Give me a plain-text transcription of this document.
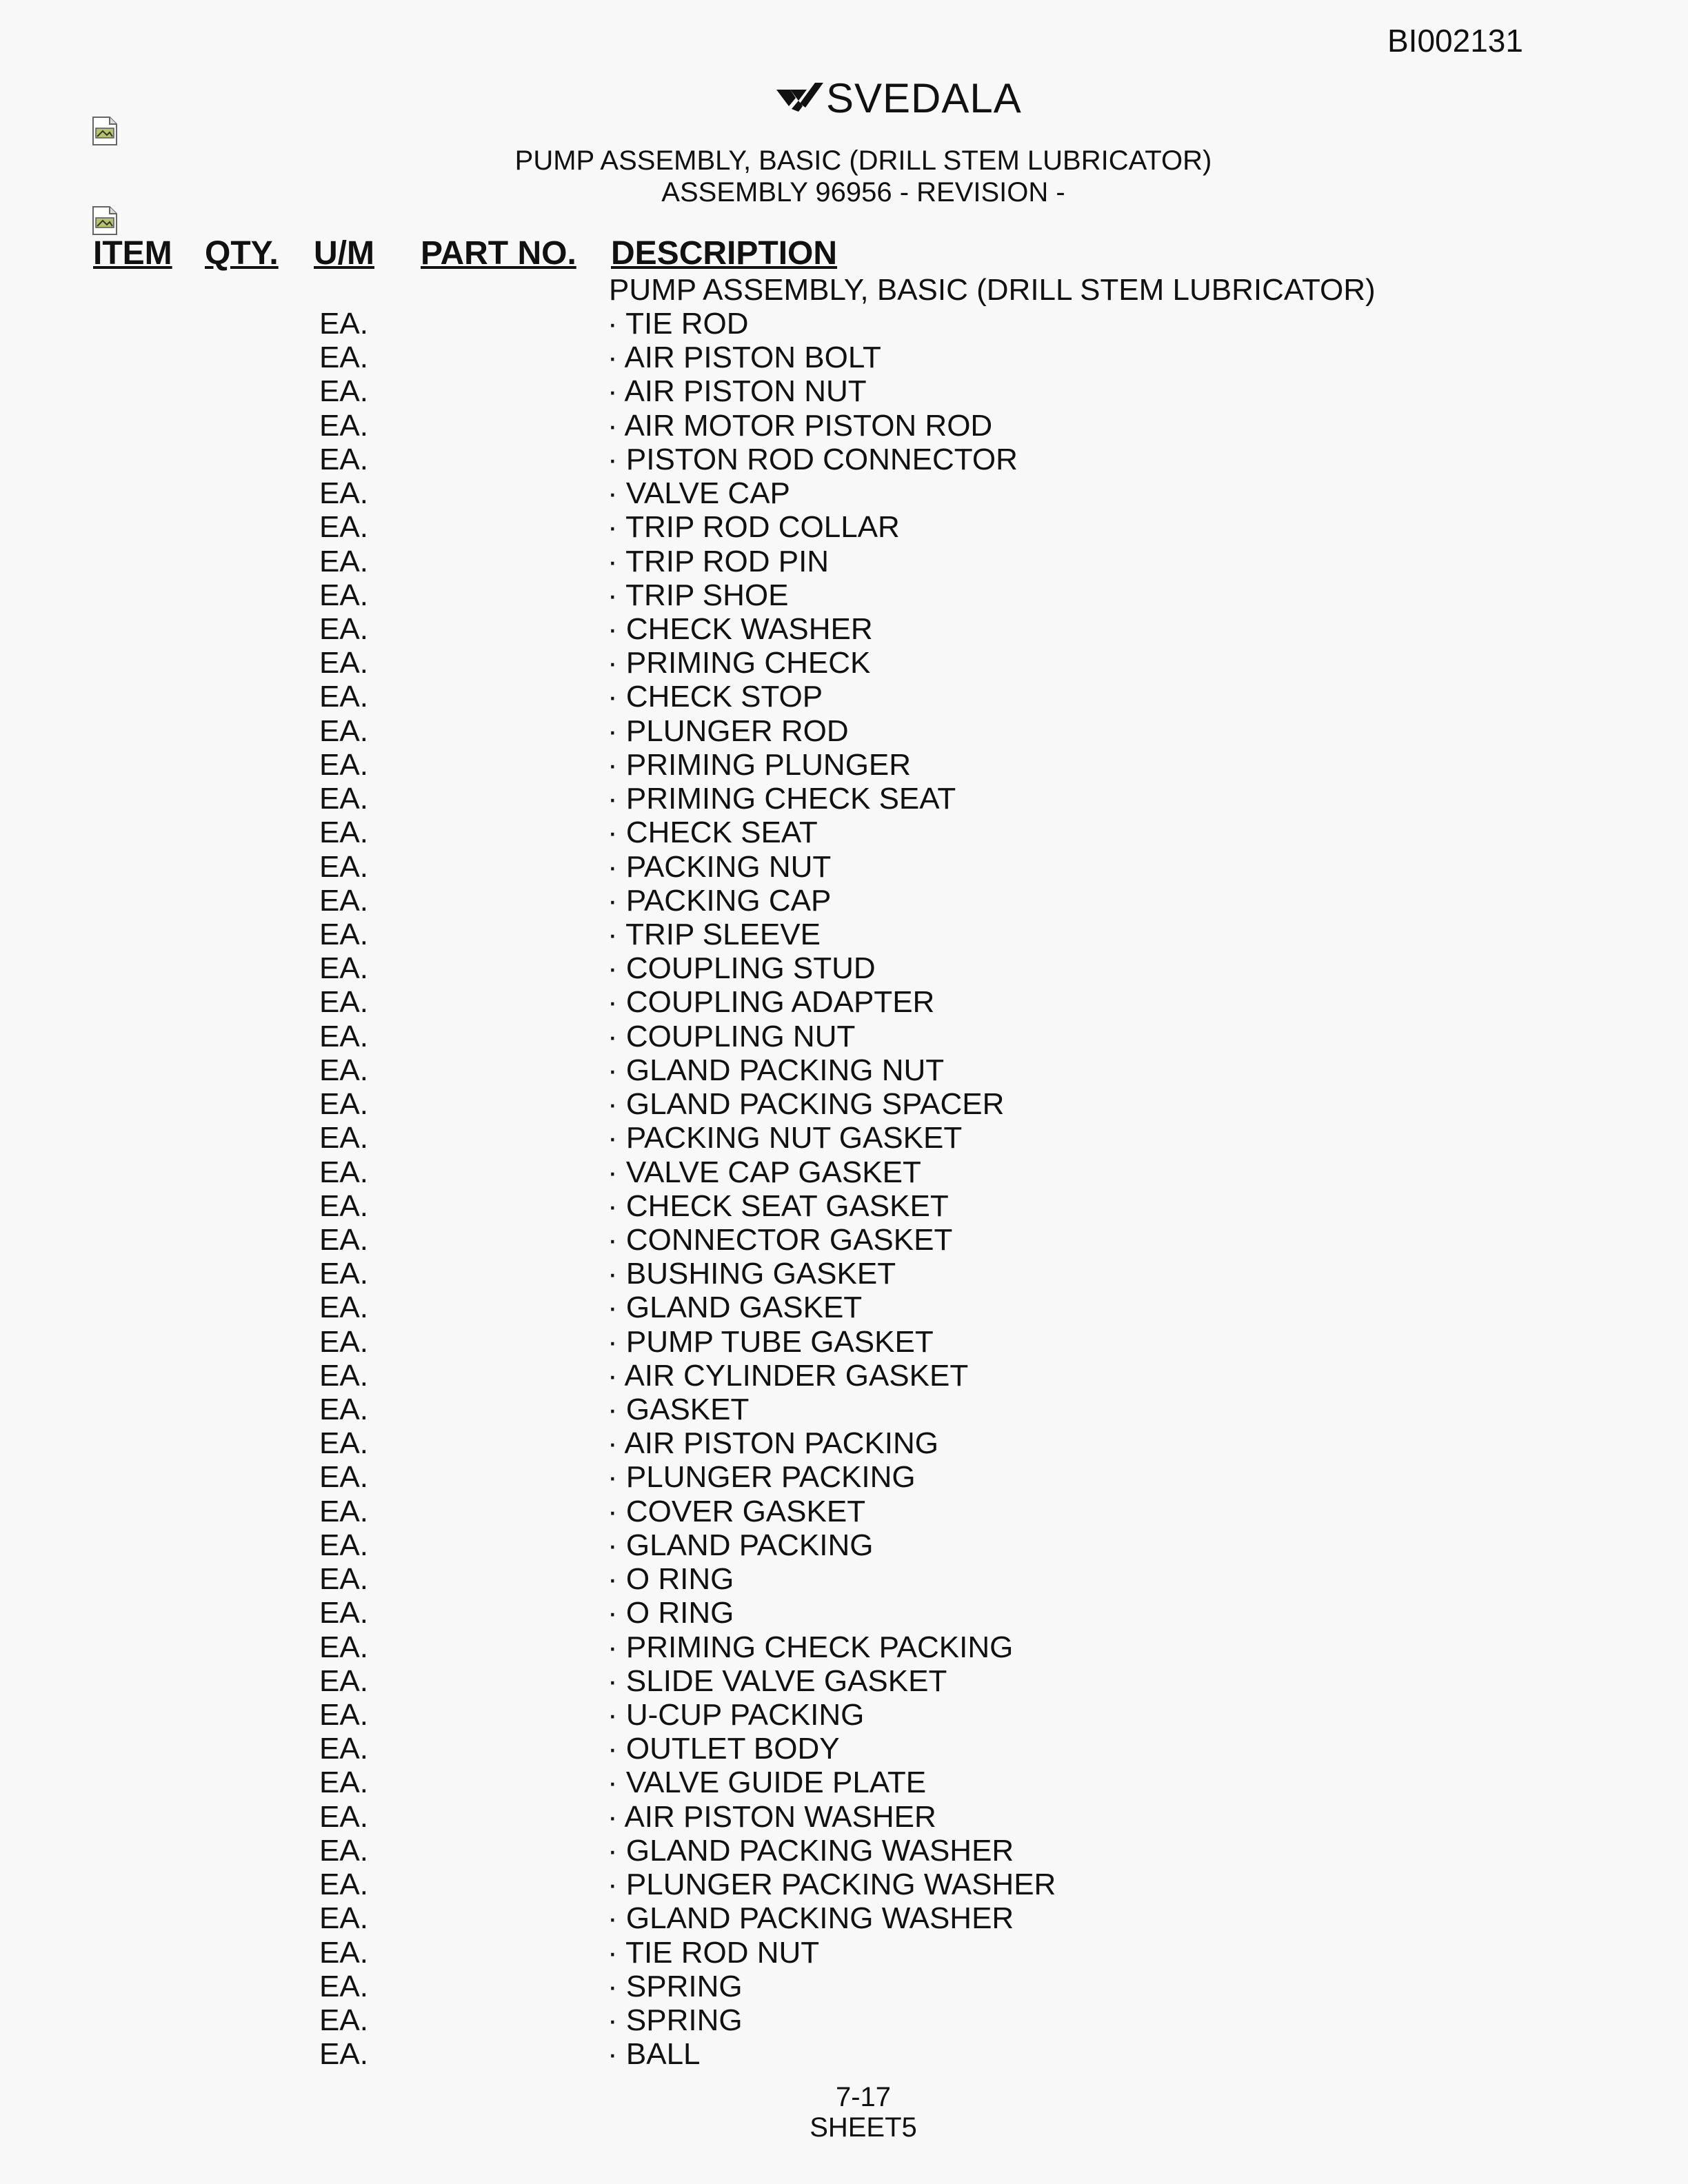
BI002131
SVEDALA
PUMP ASSEMBLY, BASIC (DRILL STEM LUBRICATOR)
ASSEMBLY 96956 - REVISION -
ITEM QTY. U/M PART NO. DESCRIPTION
PUMP ASSEMBLY, BASIC (DRILL STEM LUBRICATOR)
EA.	· TIE ROD
EA.	· AIR PISTON BOLT
EA.	· AIR PISTON NUT
EA.	· AIR MOTOR PISTON ROD
EA.	· PISTON ROD CONNECTOR
EA.	· VALVE CAP
EA.	· TRIP ROD COLLAR
EA.	· TRIP ROD PIN
EA.	· TRIP SHOE
EA.	· CHECK WASHER
EA.	· PRIMING CHECK
EA.	· CHECK STOP
EA.	· PLUNGER ROD
EA.	· PRIMING PLUNGER
EA.	· PRIMING CHECK SEAT
EA.	· CHECK SEAT
EA.	· PACKING NUT
EA.	· PACKING CAP
EA.	· TRIP SLEEVE
EA.	· COUPLING STUD
EA.	· COUPLING ADAPTER
EA.	· COUPLING NUT
EA.	· GLAND PACKING NUT
EA.	· GLAND PACKING SPACER
EA.	· PACKING NUT GASKET
EA.	· VALVE CAP GASKET
EA.	· CHECK SEAT GASKET
EA.	· CONNECTOR GASKET
EA.	· BUSHING GASKET
EA.	· GLAND GASKET
EA.	· PUMP TUBE GASKET
EA.	· AIR CYLINDER GASKET
EA.	· GASKET
EA.	· AIR PISTON PACKING
EA.	· PLUNGER PACKING
EA.	· COVER GASKET
EA.	· GLAND PACKING
EA.	· O RING
EA.	· O RING
EA.	· PRIMING CHECK PACKING
EA.	· SLIDE VALVE GASKET
EA.	· U-CUP PACKING
EA.	· OUTLET BODY
EA.	· VALVE GUIDE PLATE
EA.	· AIR PISTON WASHER
EA.	· GLAND PACKING WASHER
EA.	· PLUNGER PACKING WASHER
EA.	· GLAND PACKING WASHER
EA.	· TIE ROD NUT
EA.	· SPRING
EA.	· SPRING
EA.	· BALL
7-17
SHEET5
